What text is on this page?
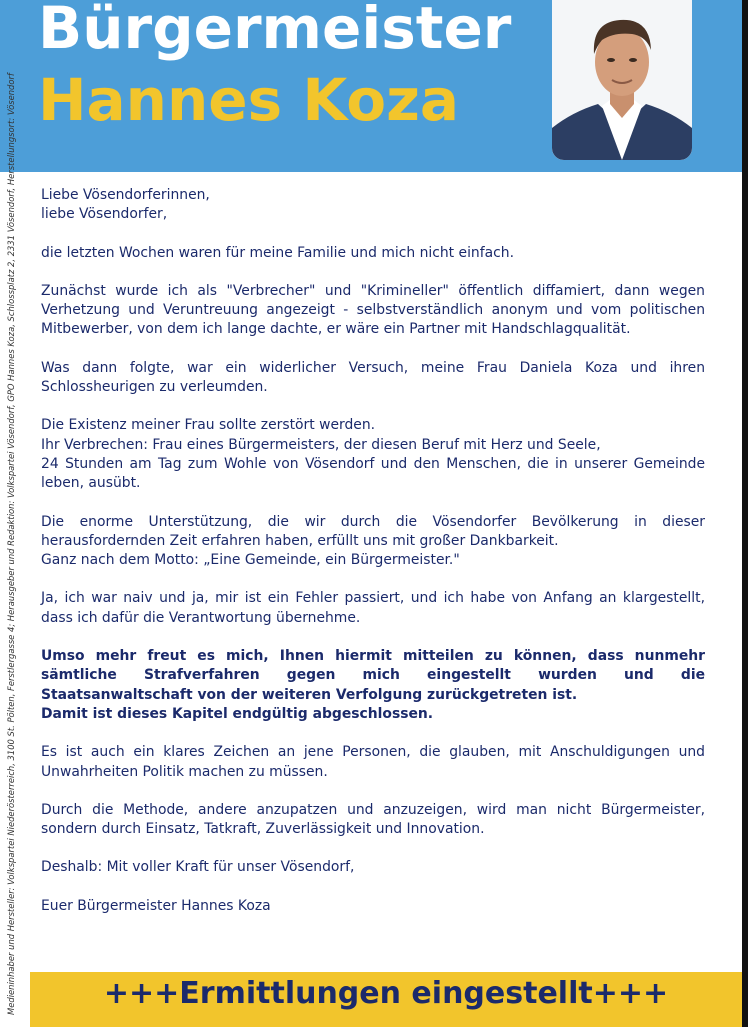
Bürgermeister
Hannes Koza
Medieninhaber und Hersteller: Volkspartei Niederösterreich, 3100 St. Pölten, Ferstlergasse 4; Herausgeber und Redaktion: Volkspartei Vösendorf, GPO Hannes Koza, Schlossplatz 2, 2331 Vösendorf, Herstellungsort: Vösendorf Liebe Vösendorferinnen,

liebe Vösendorfer,

die letzten Wochen waren für meine Familie und mich nicht einfach.

Zunächst wurde ich als "Verbrecher" und "Krimineller" öffentlich diffamiert, dann wegen Verhetzung und Veruntreuung angezeigt - selbstverständlich anonym und vom politischen Mitbewerber, von dem ich lange dachte, er wäre ein Partner mit Handschlagqualität.

Was dann folgte, war ein widerlicher Versuch, meine Frau Daniela Koza und ihren Schlossheurigen zu verleumden.

Die Existenz meiner Frau sollte zerstört werden.

Ihr Verbrechen: Frau eines Bürgermeisters, der diesen Beruf mit Herz und Seele,

24 Stunden am Tag zum Wohle von Vösendorf und den Menschen, die in unserer Gemeinde leben, ausübt.

Die enorme Unterstützung, die wir durch die Vösendorfer Bevölkerung in dieser herausfordernden Zeit erfahren haben, erfüllt uns mit großer Dankbarkeit.

Ganz nach dem Motto: „Eine Gemeinde, ein Bürgermeister."

Ja, ich war naiv und ja, mir ist ein Fehler passiert, und ich habe von Anfang an klargestellt, dass ich dafür die Verantwortung übernehme.

Umso mehr freut es mich, Ihnen hiermit mitteilen zu können, dass nunmehr sämtliche Strafverfahren gegen mich eingestellt wurden und die Staatsanwaltschaft von der weiteren Verfolgung zurückgetreten ist.

Damit ist dieses Kapitel endgültig abgeschlossen.

Es ist auch ein klares Zeichen an jene Personen, die glauben, mit Anschuldigungen und Unwahrheiten Politik machen zu müssen.

Durch die Methode, andere anzupatzen und anzuzeigen, wird man nicht Bürgermeister, sondern durch Einsatz, Tatkraft, Zuverlässigkeit und Innovation.

Deshalb: Mit voller Kraft für unser Vösendorf,

Euer Bürgermeister Hannes Koza

+++Ermittlungen eingestellt+++
